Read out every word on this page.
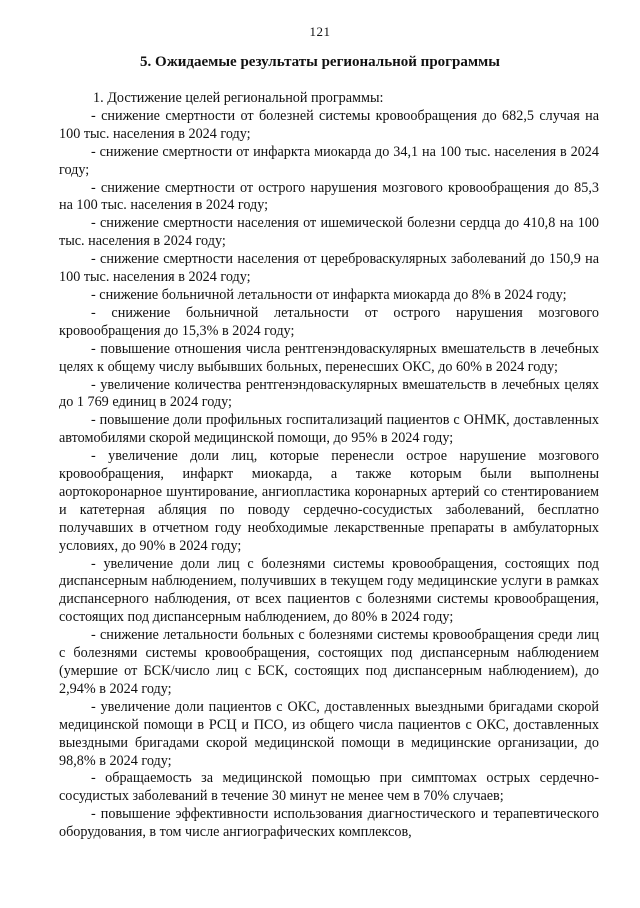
121
5. Ожидаемые результаты региональной программы

1. Достижение целей региональной программы:

- снижение смертности от болезней системы кровообращения до 682,5 случая на 100 тыс. населения в 2024 году;

- снижение смертности от инфаркта миокарда до 34,1 на 100 тыс. населения в 2024 году;

- снижение смертности от острого нарушения мозгового кровообращения до 85,3 на 100 тыс. населения в 2024 году;

- снижение смертности населения от ишемической болезни сердца до 410,8 на 100 тыс. населения в 2024 году;

- снижение смертности населения от цереброваскулярных заболеваний до 150,9 на 100 тыс. населения в 2024 году;

- снижение больничной летальности от инфаркта миокарда до 8% в 2024 году;

- снижение больничной летальности от острого нарушения мозгового кровообращения до 15,3% в 2024 году;

- повышение отношения числа рентгенэндоваскулярных вмешательств в лечебных целях к общему числу выбывших больных, перенесших ОКС, до 60% в 2024 году;

- увеличение количества рентгенэндоваскулярных вмешательств в лечебных целях до 1 769 единиц в 2024 году;

- повышение доли профильных госпитализаций пациентов с ОНМК, доставленных автомобилями скорой медицинской помощи, до 95% в 2024 году;

- увеличение доли лиц, которые перенесли острое нарушение мозгового кровообращения, инфаркт миокарда, а также которым были выполнены аортокоронарное шунтирование, ангиопластика коронарных артерий со стентированием и катетерная абляция по поводу сердечно-сосудистых заболеваний, бесплатно получавших в отчетном году необходимые лекарственные препараты в амбулаторных условиях, до 90% в 2024 году;

- увеличение доли лиц с болезнями системы кровообращения, состоящих под диспансерным наблюдением, получивших в текущем году медицинские услуги в рамках диспансерного наблюдения, от всех пациентов с болезнями системы кровообращения, состоящих под диспансерным наблюдением, до 80% в 2024 году;

- снижение летальности больных с болезнями системы кровообращения среди лиц с болезнями системы кровообращения, состоящих под диспансерным наблюдением (умершие от БСК/число лиц с БСК, состоящих под диспансерным наблюдением), до 2,94% в 2024 году;

- увеличение доли пациентов с ОКС, доставленных выездными бригадами скорой медицинской помощи в РСЦ и ПСО, из общего числа пациентов с ОКС, доставленных выездными бригадами скорой медицинской помощи в медицинские организации, до 98,8% в 2024 году;

- обращаемость за медицинской помощью при симптомах острых сердечно-сосудистых заболеваний в течение 30 минут не менее чем в 70% случаев;

- повышение эффективности использования диагностического и терапевтического оборудования, в том числе ангиографических комплексов,
